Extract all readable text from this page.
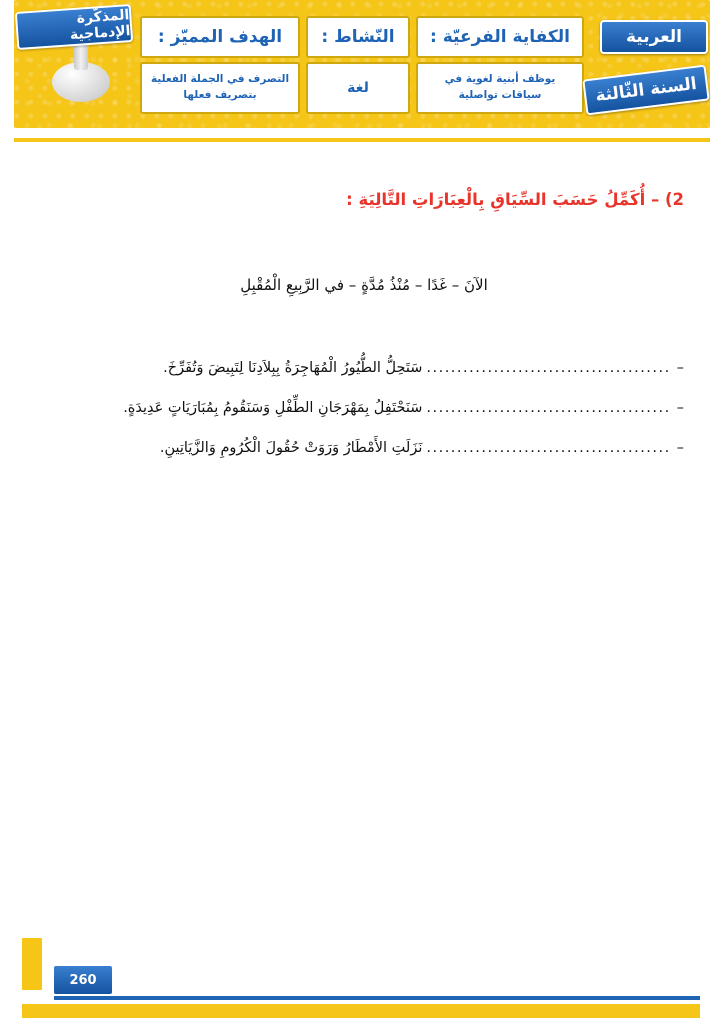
المذكّرة الإدماجية	الهدف المميّز :
التصرف في الجملة الفعلية
بتصريف فعلها
النّشاط :
لغة
الكفاية الفرعيّة :
يوظف أبنية لغوية في سياقات تواصلية
العربية
السنة الثّالثة
2) – أُكَمِّلُ حَسَبَ السِّيَاقِ بِالْعِبَارَاتِ التَّالِيَةِ :
الآنَ – غَدًا – مُنْذُ مُدَّةٍ – في الرَّبِيعِ الْمُقْبِلِ
–
........................................
سَتَحِلُّ الطُّيُورُ الْمُهَاجِرَةُ بِبِلاَدِنَا لِتَبِيضَ وَتُفَرِّخَ.
–
........................................
سَنَحْتَفِلُ بِمَهْرَجَانِ الطِّفْلِ وَسَنَقُومُ بِمُبَارَيَاتٍ عَدِيدَةٍ.
–
........................................
نَزَلَتِ الأَمْطَارُ وَرَوَتْ حُقُولَ الْكُرُومِ وَالزَّيَاتِينِ.
260
